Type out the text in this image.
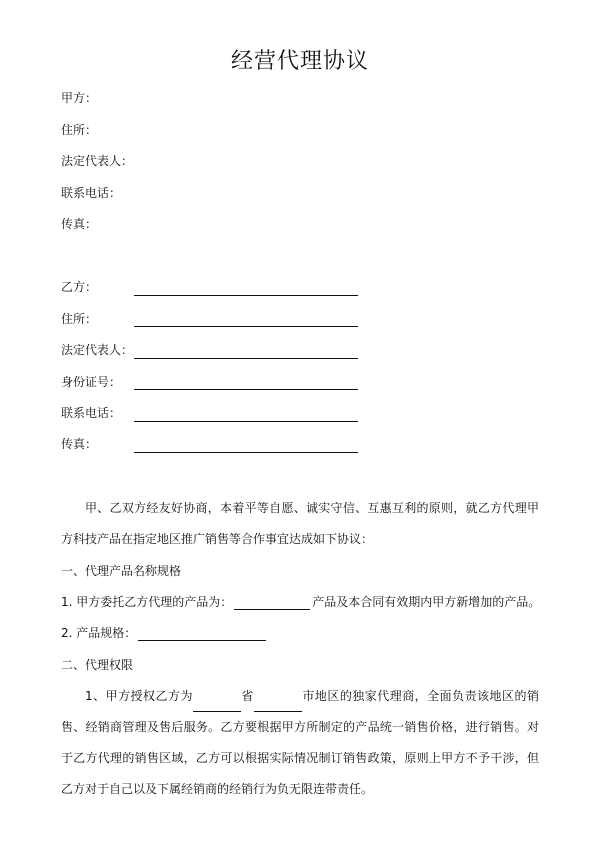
经营代理协议
甲方：
住所：
法定代表人：
联系电话：
传真：
乙方：
住所：
法定代表人：
身份证号：
联系电话：
传真：
甲、乙双方经友好协商，本着平等自愿、诚实守信、互惠互利的原则，就乙方代理甲方科技产品在指定地区推广销售等合作事宜达成如下协议：
一、代理产品名称规格
1. 甲方委托乙方代理的产品为：	产品及本合同有效期内甲方新增加的产品。
2. 产品规格：
二、代理权限
1、甲方授权乙方为	省	市地区的独家代理商，全面负责该地区的销售、经销商管理及售后服务。乙方要根据甲方所制定的产品统一销售价格，进行销售。对于乙方代理的销售区域，乙方可以根据实际情况制订销售政策，原则上甲方不予干涉，但乙方对于自己以及下属经销商的经销行为负无限连带责任。
